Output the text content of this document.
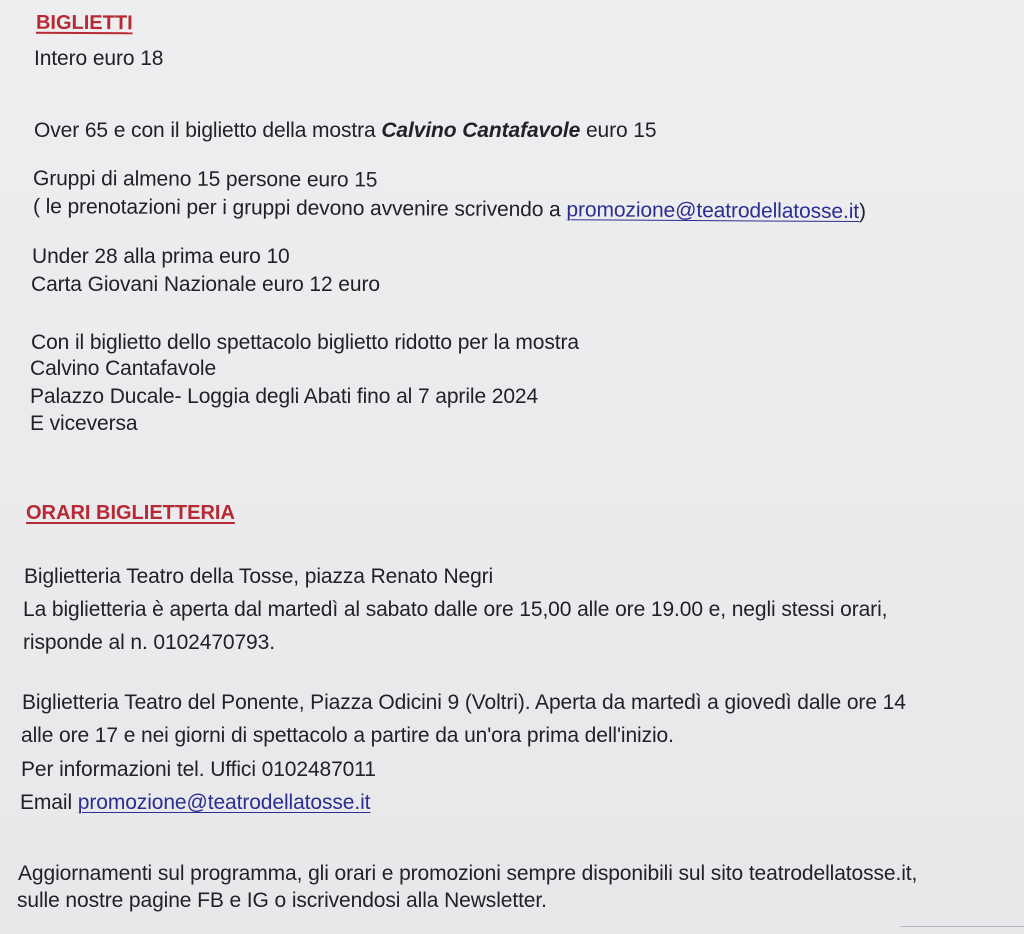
BIGLIETTI
Intero euro 18
Over 65 e con il biglietto della mostra Calvino Cantafavole euro 15
Gruppi di almeno 15 persone euro 15
( le prenotazioni per i gruppi devono avvenire scrivendo a promozione@teatrodellatosse.it)
Under 28 alla prima euro 10
Carta Giovani Nazionale euro 12 euro
Con il biglietto dello spettacolo biglietto ridotto per la mostra
Calvino Cantafavole
Palazzo Ducale- Loggia degli Abati fino al 7 aprile 2024
E viceversa
ORARI BIGLIETTERIA
Biglietteria Teatro della Tosse, piazza Renato Negri
La biglietteria è aperta dal martedì al sabato dalle ore 15,00 alle ore 19.00 e, negli stessi orari,
risponde al n. 0102470793.
Biglietteria Teatro del Ponente, Piazza Odicini 9 (Voltri). Aperta da martedì a giovedì dalle ore 14
alle ore 17 e nei giorni di spettacolo a partire da un'ora prima dell'inizio.
Per informazioni tel. Uffici 0102487011
Email promozione@teatrodellatosse.it
Aggiornamenti sul programma, gli orari e promozioni sempre disponibili sul sito teatrodellatosse.it,
sulle nostre pagine FB e IG o iscrivendosi alla Newsletter.
